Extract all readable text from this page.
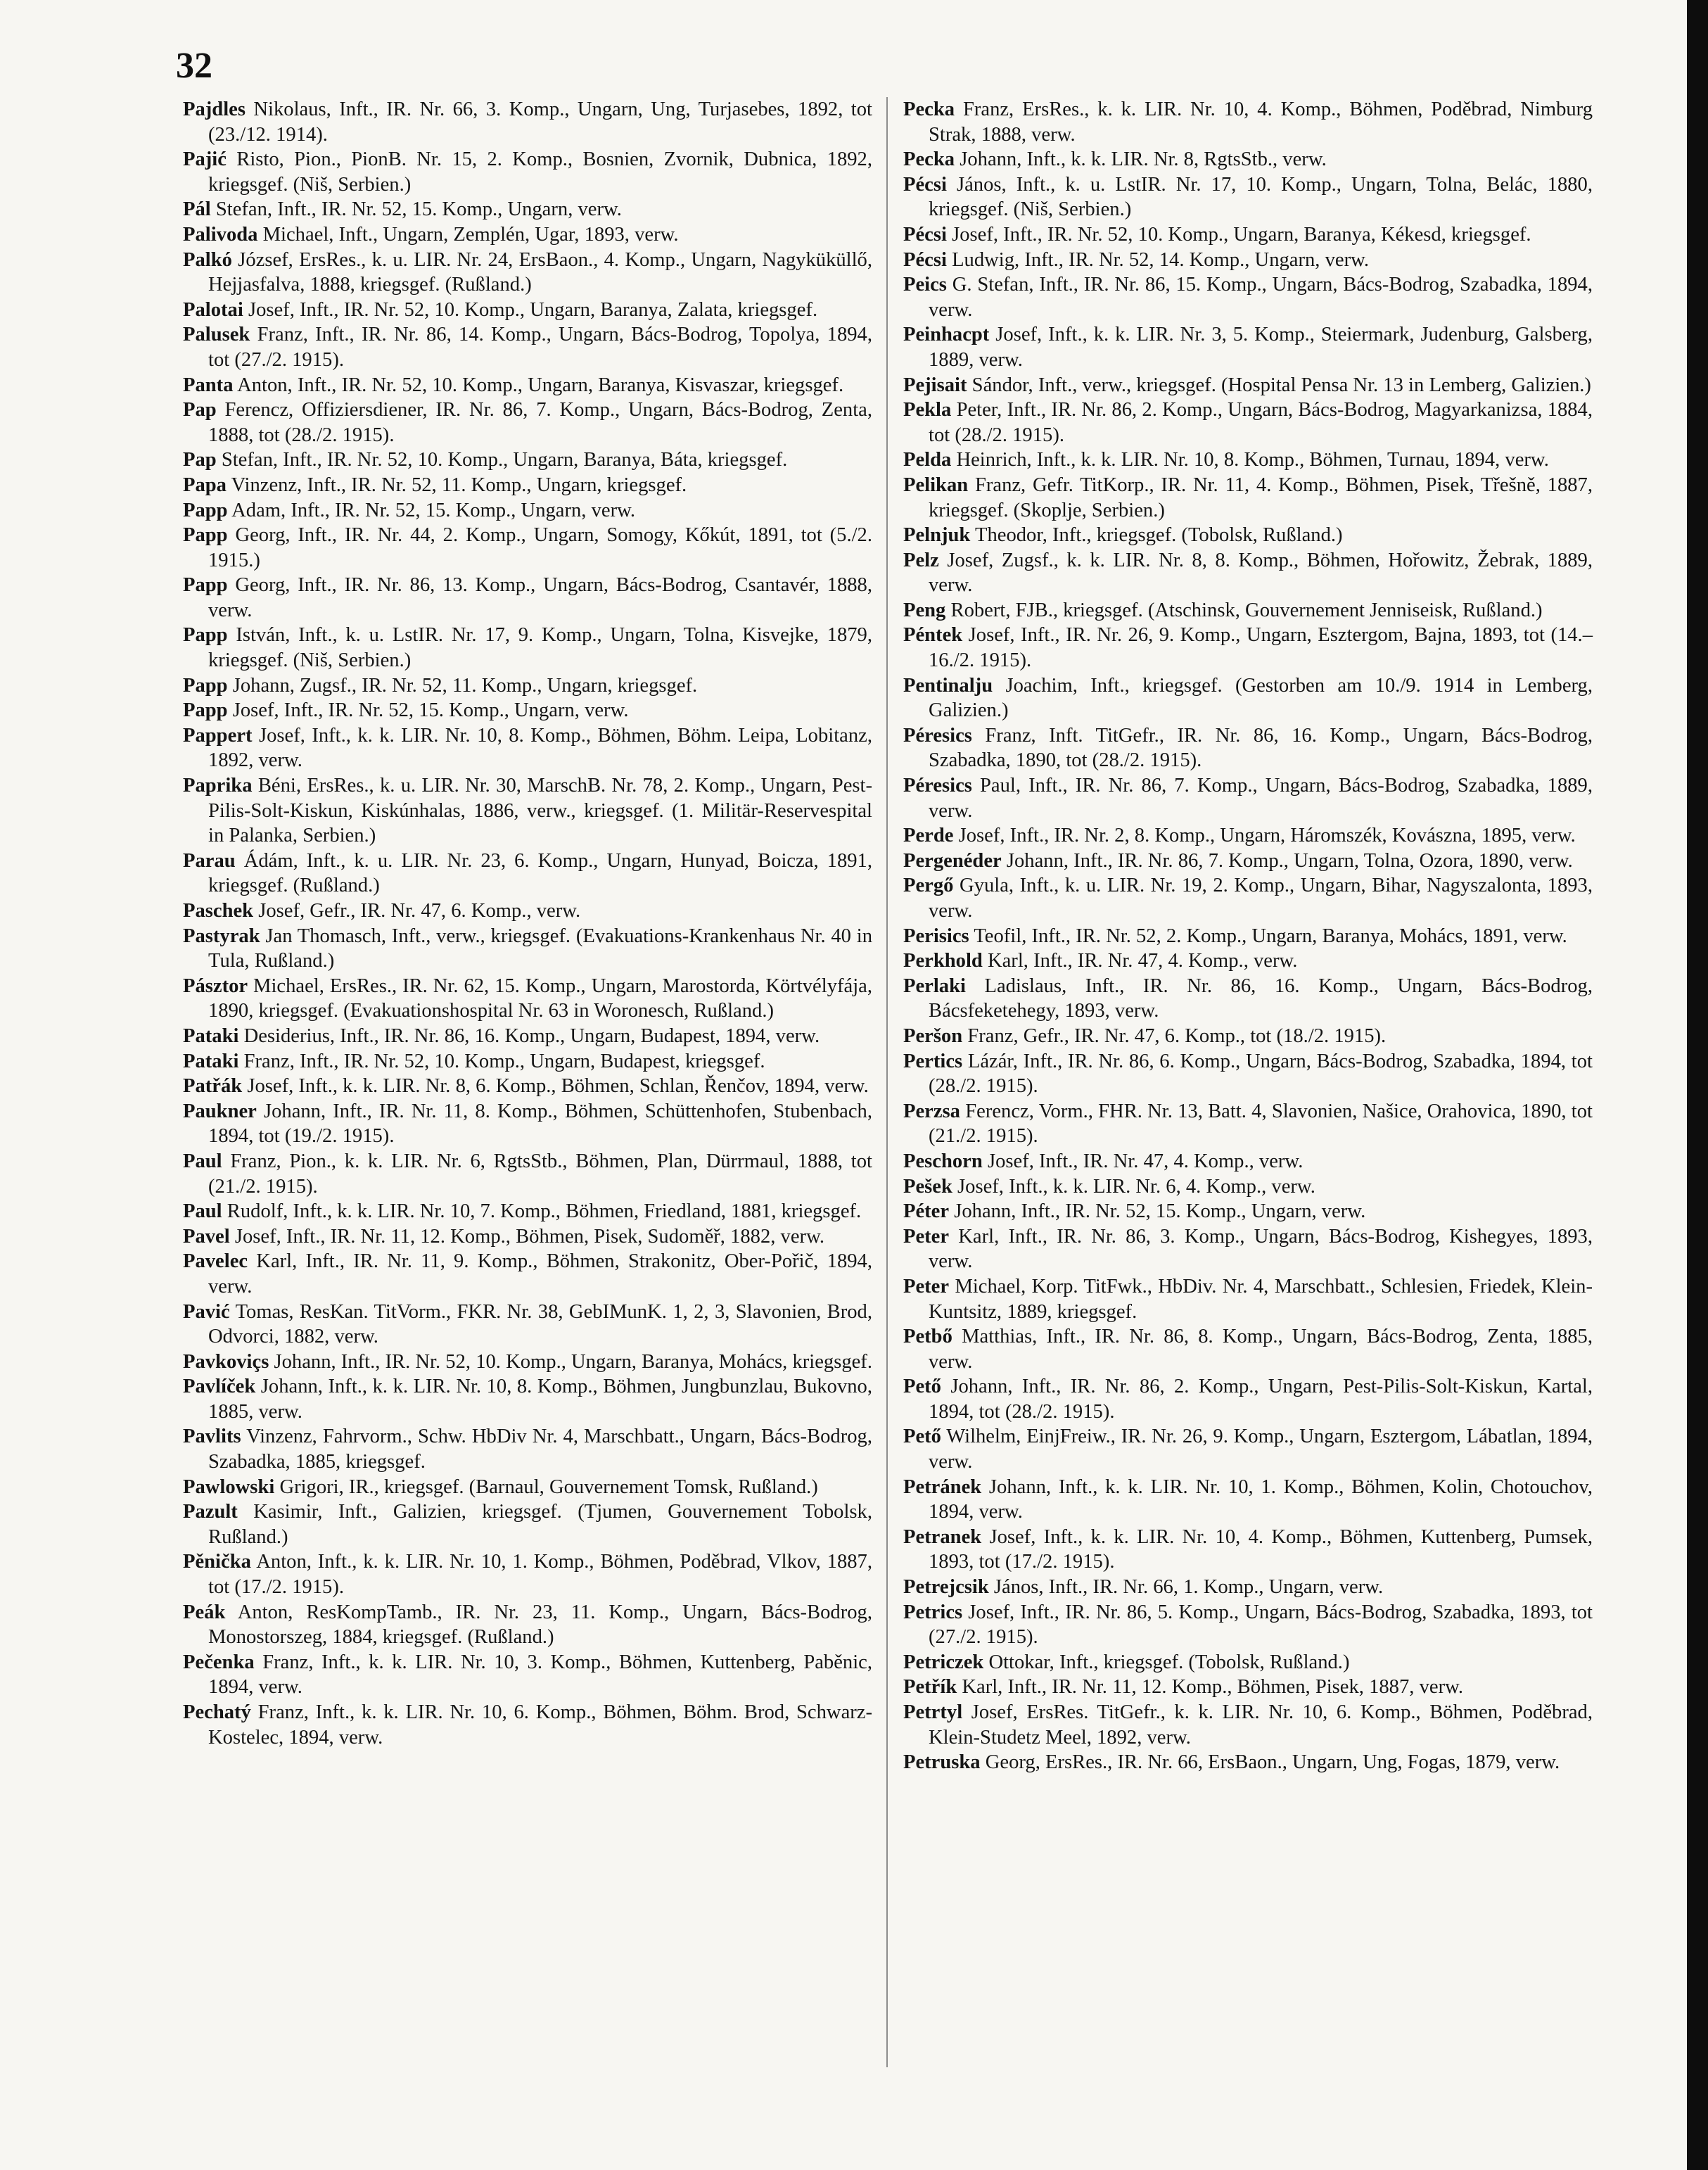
32

Pajdles Nikolaus, Inft., IR. Nr. 66, 3. Komp., Ungarn, Ung, Turjasebes, 1892, tot (23./12. 1914).

Pajić Risto, Pion., PionB. Nr. 15, 2. Komp., Bosnien, Zvornik, Dubnica, 1892, kriegsgef. (Niš, Serbien.)

Pál Stefan, Inft., IR. Nr. 52, 15. Komp., Ungarn, verw.

Palivoda Michael, Inft., Ungarn, Zemplén, Ugar, 1893, verw.

Palkó József, ErsRes., k. u. LIR. Nr. 24, ErsBaon., 4. Komp., Ungarn, Nagyküküllő, Hejjasfalva, 1888, kriegsgef. (Rußland.)

Palotai Josef, Inft., IR. Nr. 52, 10. Komp., Ungarn, Baranya, Zalata, kriegsgef.

Palusek Franz, Inft., IR. Nr. 86, 14. Komp., Ungarn, Bács-Bodrog, Topolya, 1894, tot (27./2. 1915).

Panta Anton, Inft., IR. Nr. 52, 10. Komp., Ungarn, Baranya, Kisvaszar, kriegsgef.

Pap Ferencz, Offiziersdiener, IR. Nr. 86, 7. Komp., Ungarn, Bács-Bodrog, Zenta, 1888, tot (28./2. 1915).

Pap Stefan, Inft., IR. Nr. 52, 10. Komp., Ungarn, Baranya, Báta, kriegsgef.

Papa Vinzenz, Inft., IR. Nr. 52, 11. Komp., Ungarn, kriegsgef.

Papp Adam, Inft., IR. Nr. 52, 15. Komp., Ungarn, verw.

Papp Georg, Inft., IR. Nr. 44, 2. Komp., Ungarn, Somogy, Kőkút, 1891, tot (5./2. 1915.)

Papp Georg, Inft., IR. Nr. 86, 13. Komp., Ungarn, Bács-Bodrog, Csantavér, 1888, verw.

Papp István, Inft., k. u. LstIR. Nr. 17, 9. Komp., Ungarn, Tolna, Kisvejke, 1879, kriegsgef. (Niš, Serbien.)

Papp Johann, Zugsf., IR. Nr. 52, 11. Komp., Ungarn, kriegsgef.

Papp Josef, Inft., IR. Nr. 52, 15. Komp., Ungarn, verw.

Pappert Josef, Inft., k. k. LIR. Nr. 10, 8. Komp., Böhmen, Böhm. Leipa, Lobitanz, 1892, verw.

Paprika Béni, ErsRes., k. u. LIR. Nr. 30, MarschB. Nr. 78, 2. Komp., Ungarn, Pest-Pilis-Solt-Kiskun, Kiskúnhalas, 1886, verw., kriegsgef. (1. Militär-Reservespital in Palanka, Serbien.)

Parau Ádám, Inft., k. u. LIR. Nr. 23, 6. Komp., Ungarn, Hunyad, Boicza, 1891, kriegsgef. (Rußland.)

Paschek Josef, Gefr., IR. Nr. 47, 6. Komp., verw.

Pastyrak Jan Thomasch, Inft., verw., kriegsgef. (Evakuations-Krankenhaus Nr. 40 in Tula, Rußland.)

Pásztor Michael, ErsRes., IR. Nr. 62, 15. Komp., Ungarn, Marostorda, Körtvélyfája, 1890, kriegsgef. (Evakuationshospital Nr. 63 in Woronesch, Rußland.)

Pataki Desiderius, Inft., IR. Nr. 86, 16. Komp., Ungarn, Budapest, 1894, verw.

Pataki Franz, Inft., IR. Nr. 52, 10. Komp., Ungarn, Budapest, kriegsgef.

Patřák Josef, Inft., k. k. LIR. Nr. 8, 6. Komp., Böhmen, Schlan, Řenčov, 1894, verw.

Paukner Johann, Inft., IR. Nr. 11, 8. Komp., Böhmen, Schüttenhofen, Stubenbach, 1894, tot (19./2. 1915).

Paul Franz, Pion., k. k. LIR. Nr. 6, RgtsStb., Böhmen, Plan, Dürrmaul, 1888, tot (21./2. 1915).

Paul Rudolf, Inft., k. k. LIR. Nr. 10, 7. Komp., Böhmen, Friedland, 1881, kriegsgef.

Pavel Josef, Inft., IR. Nr. 11, 12. Komp., Böhmen, Pisek, Sudoměř, 1882, verw.

Pavelec Karl, Inft., IR. Nr. 11, 9. Komp., Böhmen, Strakonitz, Ober-Pořič, 1894, verw.

Pavić Tomas, ResKan. TitVorm., FKR. Nr. 38, GebIMunK. 1, 2, 3, Slavonien, Brod, Odvorci, 1882, verw.

Pavkoviçs Johann, Inft., IR. Nr. 52, 10. Komp., Ungarn, Baranya, Mohács, kriegsgef.

Pavlíček Johann, Inft., k. k. LIR. Nr. 10, 8. Komp., Böhmen, Jungbunzlau, Bukovno, 1885, verw.

Pavlits Vinzenz, Fahrvorm., Schw. HbDiv Nr. 4, Marschbatt., Ungarn, Bács-Bodrog, Szabadka, 1885, kriegsgef.

Pawlowski Grigori, IR., kriegsgef. (Barnaul, Gouvernement Tomsk, Rußland.)

Pazult Kasimir, Inft., Galizien, kriegsgef. (Tjumen, Gouvernement Tobolsk, Rußland.)

Pěnička Anton, Inft., k. k. LIR. Nr. 10, 1. Komp., Böhmen, Poděbrad, Vlkov, 1887, tot (17./2. 1915).

Peák Anton, ResKompTamb., IR. Nr. 23, 11. Komp., Ungarn, Bács-Bodrog, Monostorszeg, 1884, kriegsgef. (Rußland.)

Pečenka Franz, Inft., k. k. LIR. Nr. 10, 3. Komp., Böhmen, Kuttenberg, Paběnic, 1894, verw.

Pechatý Franz, Inft., k. k. LIR. Nr. 10, 6. Komp., Böhmen, Böhm. Brod, Schwarz-Kostelec, 1894, verw.

Pecka Franz, ErsRes., k. k. LIR. Nr. 10, 4. Komp., Böhmen, Poděbrad, Nimburg Strak, 1888, verw.

Pecka Johann, Inft., k. k. LIR. Nr. 8, RgtsStb., verw.

Pécsi János, Inft., k. u. LstIR. Nr. 17, 10. Komp., Ungarn, Tolna, Belác, 1880, kriegsgef. (Niš, Serbien.)

Pécsi Josef, Inft., IR. Nr. 52, 10. Komp., Ungarn, Baranya, Kékesd, kriegsgef.

Pécsi Ludwig, Inft., IR. Nr. 52, 14. Komp., Ungarn, verw.

Peics G. Stefan, Inft., IR. Nr. 86, 15. Komp., Ungarn, Bács-Bodrog, Szabadka, 1894, verw.

Peinhacpt Josef, Inft., k. k. LIR. Nr. 3, 5. Komp., Steiermark, Judenburg, Galsberg, 1889, verw.

Pejisait Sándor, Inft., verw., kriegsgef. (Hospital Pensa Nr. 13 in Lemberg, Galizien.)

Pekla Peter, Inft., IR. Nr. 86, 2. Komp., Ungarn, Bács-Bodrog, Magyarkanizsa, 1884, tot (28./2. 1915).

Pelda Heinrich, Inft., k. k. LIR. Nr. 10, 8. Komp., Böhmen, Turnau, 1894, verw.

Pelikan Franz, Gefr. TitKorp., IR. Nr. 11, 4. Komp., Böhmen, Pisek, Třešně, 1887, kriegsgef. (Skoplje, Serbien.)

Pelnjuk Theodor, Inft., kriegsgef. (Tobolsk, Rußland.)

Pelz Josef, Zugsf., k. k. LIR. Nr. 8, 8. Komp., Böhmen, Hořowitz, Žebrak, 1889, verw.

Peng Robert, FJB., kriegsgef. (Atschinsk, Gouvernement Jenniseisk, Rußland.)

Péntek Josef, Inft., IR. Nr. 26, 9. Komp., Ungarn, Esztergom, Bajna, 1893, tot (14.–16./2. 1915).

Pentinalju Joachim, Inft., kriegsgef. (Gestorben am 10./9. 1914 in Lemberg, Galizien.)

Péresics Franz, Inft. TitGefr., IR. Nr. 86, 16. Komp., Ungarn, Bács-Bodrog, Szabadka, 1890, tot (28./2. 1915).

Péresics Paul, Inft., IR. Nr. 86, 7. Komp., Ungarn, Bács-Bodrog, Szabadka, 1889, verw.

Perde Josef, Inft., IR. Nr. 2, 8. Komp., Ungarn, Háromszék, Kovászna, 1895, verw.

Pergenéder Johann, Inft., IR. Nr. 86, 7. Komp., Ungarn, Tolna, Ozora, 1890, verw.

Pergő Gyula, Inft., k. u. LIR. Nr. 19, 2. Komp., Ungarn, Bihar, Nagyszalonta, 1893, verw.

Perisics Teofil, Inft., IR. Nr. 52, 2. Komp., Ungarn, Baranya, Mohács, 1891, verw.

Perkhold Karl, Inft., IR. Nr. 47, 4. Komp., verw.

Perlaki Ladislaus, Inft., IR. Nr. 86, 16. Komp., Ungarn, Bács-Bodrog, Bácsfeketehegy, 1893, verw.

Peršon Franz, Gefr., IR. Nr. 47, 6. Komp., tot (18./2. 1915).

Pertics Lázár, Inft., IR. Nr. 86, 6. Komp., Ungarn, Bács-Bodrog, Szabadka, 1894, tot (28./2. 1915).

Perzsa Ferencz, Vorm., FHR. Nr. 13, Batt. 4, Slavonien, Našice, Orahovica, 1890, tot (21./2. 1915).

Peschorn Josef, Inft., IR. Nr. 47, 4. Komp., verw.

Pešek Josef, Inft., k. k. LIR. Nr. 6, 4. Komp., verw.

Péter Johann, Inft., IR. Nr. 52, 15. Komp., Ungarn, verw.

Peter Karl, Inft., IR. Nr. 86, 3. Komp., Ungarn, Bács-Bodrog, Kishegyes, 1893, verw.

Peter Michael, Korp. TitFwk., HbDiv. Nr. 4, Marschbatt., Schlesien, Friedek, Klein-Kuntsitz, 1889, kriegsgef.

Petbő Matthias, Inft., IR. Nr. 86, 8. Komp., Ungarn, Bács-Bodrog, Zenta, 1885, verw.

Pető Johann, Inft., IR. Nr. 86, 2. Komp., Ungarn, Pest-Pilis-Solt-Kiskun, Kartal, 1894, tot (28./2. 1915).

Pető Wilhelm, EinjFreiw., IR. Nr. 26, 9. Komp., Ungarn, Esztergom, Lábatlan, 1894, verw.

Petránek Johann, Inft., k. k. LIR. Nr. 10, 1. Komp., Böhmen, Kolin, Chotouchov, 1894, verw.

Petranek Josef, Inft., k. k. LIR. Nr. 10, 4. Komp., Böhmen, Kuttenberg, Pumsek, 1893, tot (17./2. 1915).

Petrejcsik János, Inft., IR. Nr. 66, 1. Komp., Ungarn, verw.

Petrics Josef, Inft., IR. Nr. 86, 5. Komp., Ungarn, Bács-Bodrog, Szabadka, 1893, tot (27./2. 1915).

Petriczek Ottokar, Inft., kriegsgef. (Tobolsk, Rußland.)

Petřík Karl, Inft., IR. Nr. 11, 12. Komp., Böhmen, Pisek, 1887, verw.

Petrtyl Josef, ErsRes. TitGefr., k. k. LIR. Nr. 10, 6. Komp., Böhmen, Poděbrad, Klein-Studetz Meel, 1892, verw.

Petruska Georg, ErsRes., IR. Nr. 66, ErsBaon., Ungarn, Ung, Fogas, 1879, verw.
